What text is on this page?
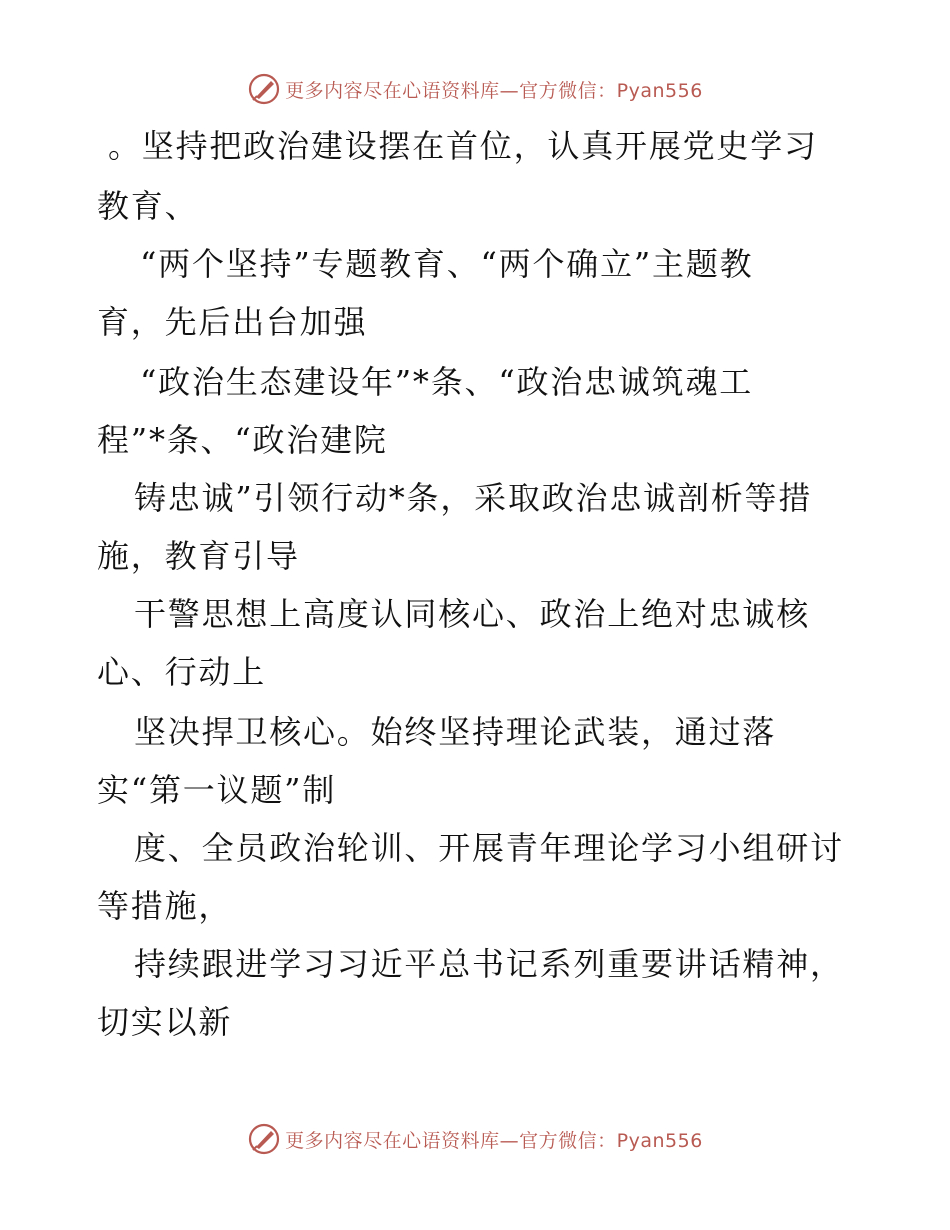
更多内容尽在心语资料库—官方微信：Pyan556
。坚持把政治建设摆在首位，认真开展党史学习
教育、
“两个坚持”专题教育、“两个确立”主题教
育，先后出台加强
“政治生态建设年”*条、“政治忠诚筑魂工
程”*条、“政治建院
铸忠诚”引领行动*条，采取政治忠诚剖析等措
施，教育引导
干警思想上高度认同核心、政治上绝对忠诚核
心、行动上
坚决捍卫核心。始终坚持理论武装，通过落
实“第一议题”制
度、全员政治轮训、开展青年理论学习小组研讨
等措施，
持续跟进学习习近平总书记系列重要讲话精神，
切实以新
更多内容尽在心语资料库—官方微信：Pyan556
